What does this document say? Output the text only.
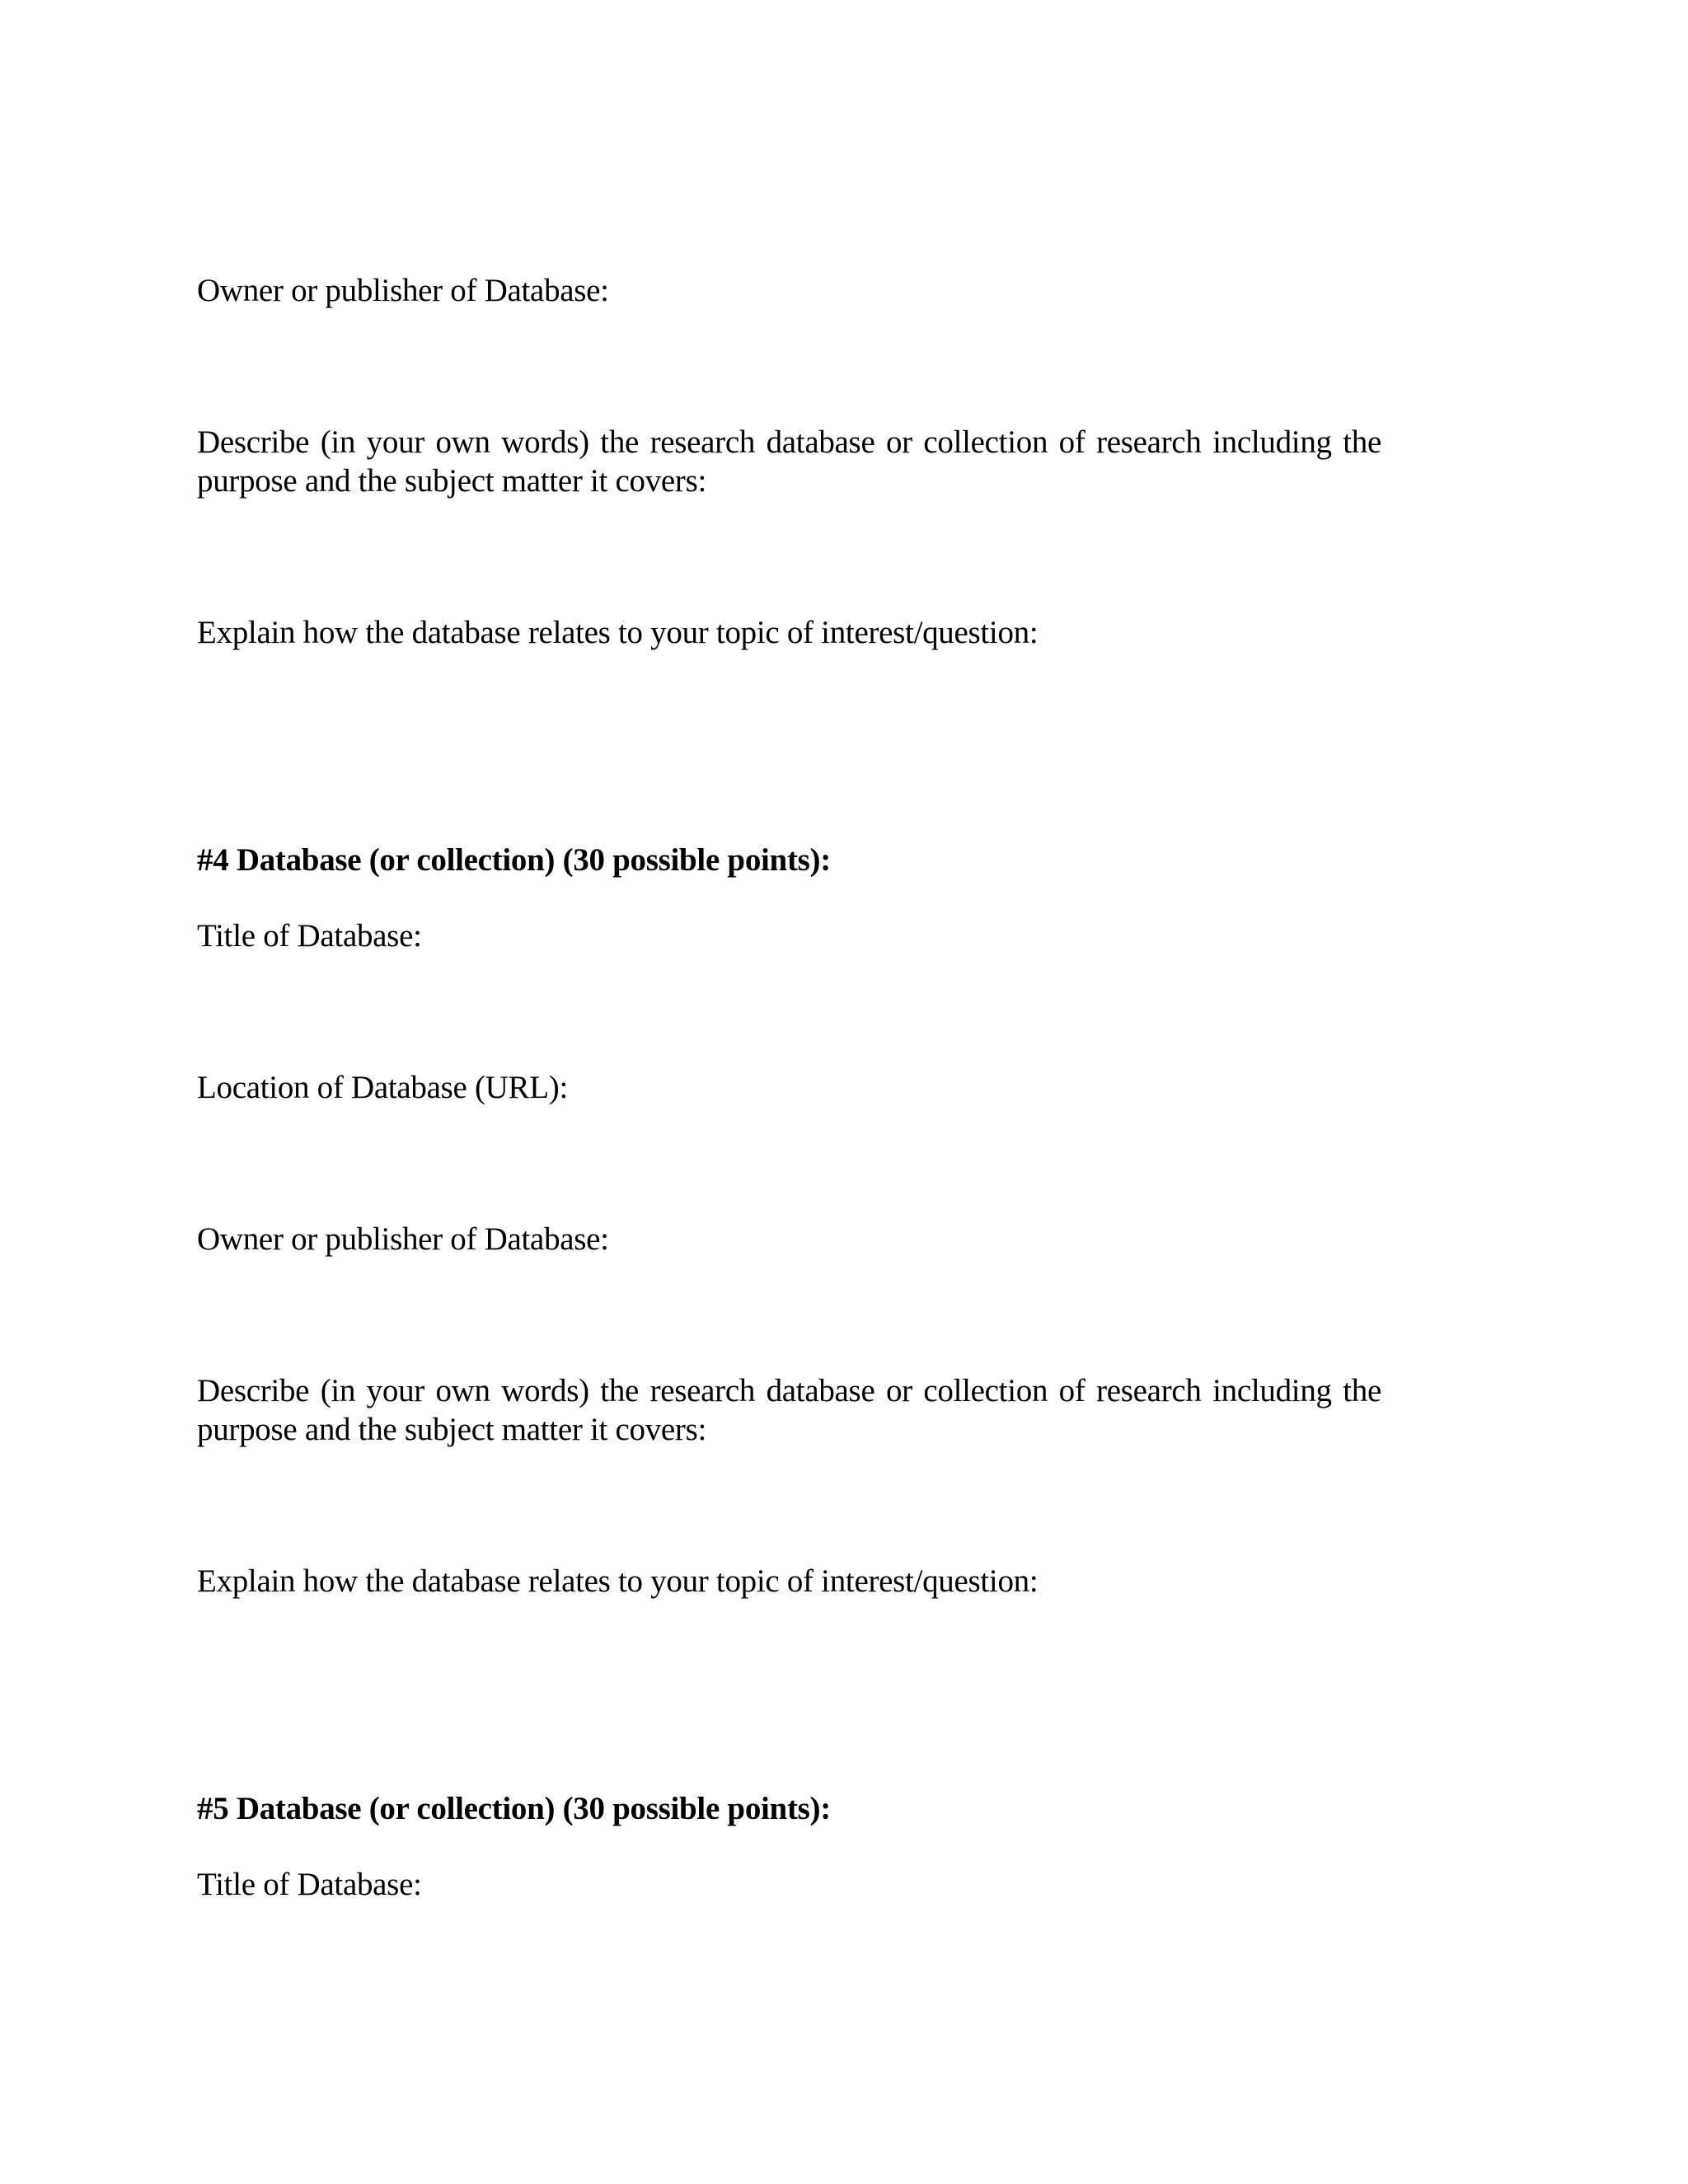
Owner or publisher of Database:
Describe (in your own words) the research database or collection of research including the
purpose and the subject matter it covers:
Explain how the database relates to your topic of interest/question:
#4 Database (or collection) (30 possible points):
Title of Database:
Location of Database (URL):
Owner or publisher of Database:
Describe (in your own words) the research database or collection of research including the
purpose and the subject matter it covers:
Explain how the database relates to your topic of interest/question:
#5 Database (or collection) (30 possible points):
Title of Database:
